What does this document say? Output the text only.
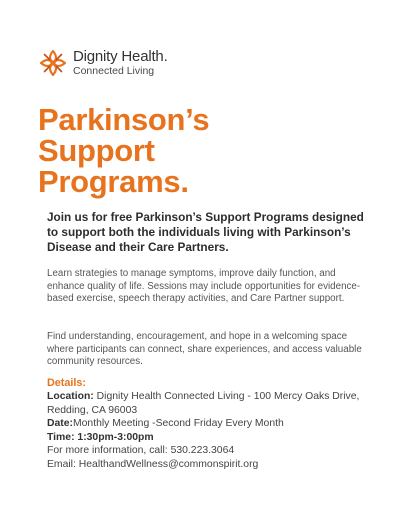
Dignity Health.
Connected Living
Parkinson’s
Support
Programs.

Join us for free Parkinson’s Support Programs designed to support both the individuals living with Parkinson’s Disease and their Care Partners.

Learn strategies to manage symptoms, improve daily function, and enhance quality of life. Sessions may include opportunities for evidence-based exercise, speech therapy activities, and Care Partner support.

Find understanding, encouragement, and hope in a welcoming space where participants can connect, share experiences, and access valuable community resources.

Details:

Location: Dignity Health Connected Living - 100 Mercy Oaks Drive, Redding, CA 96003

Date:Monthly Meeting -Second Friday Every Month

Time: 1:30pm-3:00pm

For more information, call: 530.223.3064

Email: HealthandWellness@commonspirit.org
